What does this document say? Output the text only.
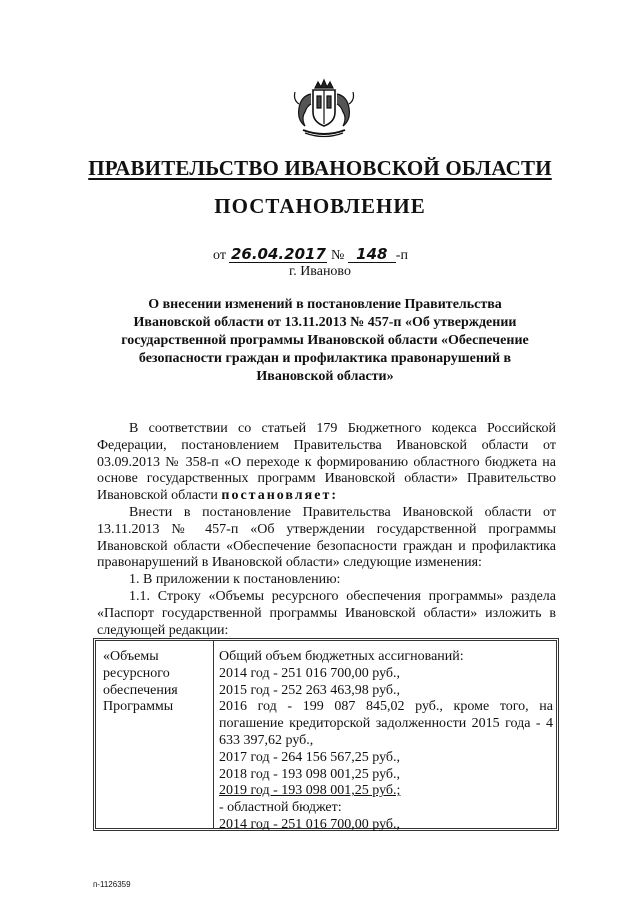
ПРАВИТЕЛЬСТВО ИВАНОВСКОЙ ОБЛАСТИ
ПОСТАНОВЛЕНИЕ
от 26.04.2017 № 148 -п
г. Иваново
О внесении изменений в постановление Правительства Ивановской области от 13.11.2013 № 457-п «Об утверждении государственной программы Ивановской области «Обеспечение безопасности граждан и профилактика правонарушений в Ивановской области»

В соответствии со статьей 179 Бюджетного кодекса Российской Федерации, постановлением Правительства Ивановской области от 03.09.2013 № 358-п «О переходе к формированию областного бюджета на основе государственных программ Ивановской области» Правительство Ивановской области постановляет:

Внести в постановление Правительства Ивановской области от 13.11.2013 № 457-п «Об утверждении государственной программы Ивановской области «Обеспечение безопасности граждан и профилактика правонарушений в Ивановской области» следующие изменения:

1. В приложении к постановлению:

1.1. Строку «Объемы ресурсного обеспечения программы» раздела «Паспорт государственной программы Ивановской области» изложить в следующей редакции:

«Объемы ресурсного обеспечения Программы
Общий объем бюджетных ассигнований:
2014 год - 251 016 700,00 руб.,
2015 год - 252 263 463,98 руб.,
2016 год - 199 087 845,02 руб., кроме того, на погашение кредиторской задолженности 2015 года - 4 633 397,62 руб.,
2017 год - 264 156 567,25 руб.,
2018 год - 193 098 001,25 руб.,
2019 год - 193 098 001,25 руб.;
- областной бюджет:
2014 год - 251 016 700,00 руб.,
п-1126359
